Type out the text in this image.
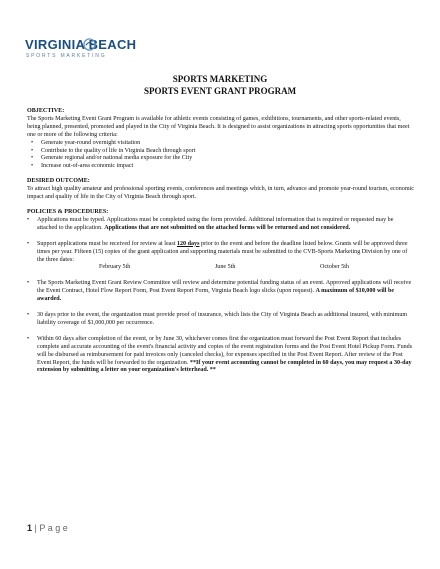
VIRGINIA BEACH
SPORTS MARKETING
SPORTS MARKETING
SPORTS EVENT GRANT PROGRAM

OBJECTIVE:

The Sports Marketing Event Grant Program is available for athletic events consisting of games, exhibitions, tournaments, and other sports-related events, being planned, presented, promoted and played in the City of Virginia Beach. It is designed to assist organizations in attracting sports opportunities that meet one or more of the following criteria:

• Generate year-round overnight visitation
• Contribute to the quality of life in Virginia Beach through sport
• Generate regional and/or national media exposure for the City
• Increase out-of-area economic impact

DESIRED OUTCOME:

To attract high quality amateur and professional sporting events, conferences and meetings which, in turn, advance and promote year-round tourism, economic impact and quality of life in the City of Virginia Beach through sport.

POLICIES & PROCEDURES:

• Applications must be typed. Applications must be completed using the form provided. Additional information that is required or requested may be attached to the application. Applications that are not submitted on the attached forms will be returned and not considered.
• Support applications must be received for review at least 120 days prior to the event and before the deadline listed below. Grants will be approved three times per year. Fifteen (15) copies of the grant application and supporting materials must be submitted to the CVB-Sports Marketing Division by one of the three dates:
February 5th	June 5th	October 5th
• The Sports Marketing Event Grant Review Committee will review and determine potential funding status of an event. Approved applications will receive the Event Contract, Hotel Flow Report Form, Post Event Report Form, Virginia Beach logo slicks (upon request). A maximum of $10,000 will be awarded.
• 30 days prior to the event, the organization must provide proof of insurance, which lists the City of Virginia Beach as additional insured, with minimum liability coverage of $1,000,000 per occurrence.
• Within 60 days after completion of the event, or by June 30, whichever comes first the organization must forward the Post Event Report that includes complete and accurate accounting of the event's financial activity and copies of the event registration forms and the Post Event Hotel Pickup Form. Funds will be disbursed as reimbursement for paid invoices only (canceled checks), for expenses specified in the Post Event Report. After review of the Post Event Report, the funds will be forwarded to the organization. **If your event accounting cannot be completed in 60 days, you may request a 30-day extension by submitting a letter on your organization's letterhead. **
1 | P a g e
